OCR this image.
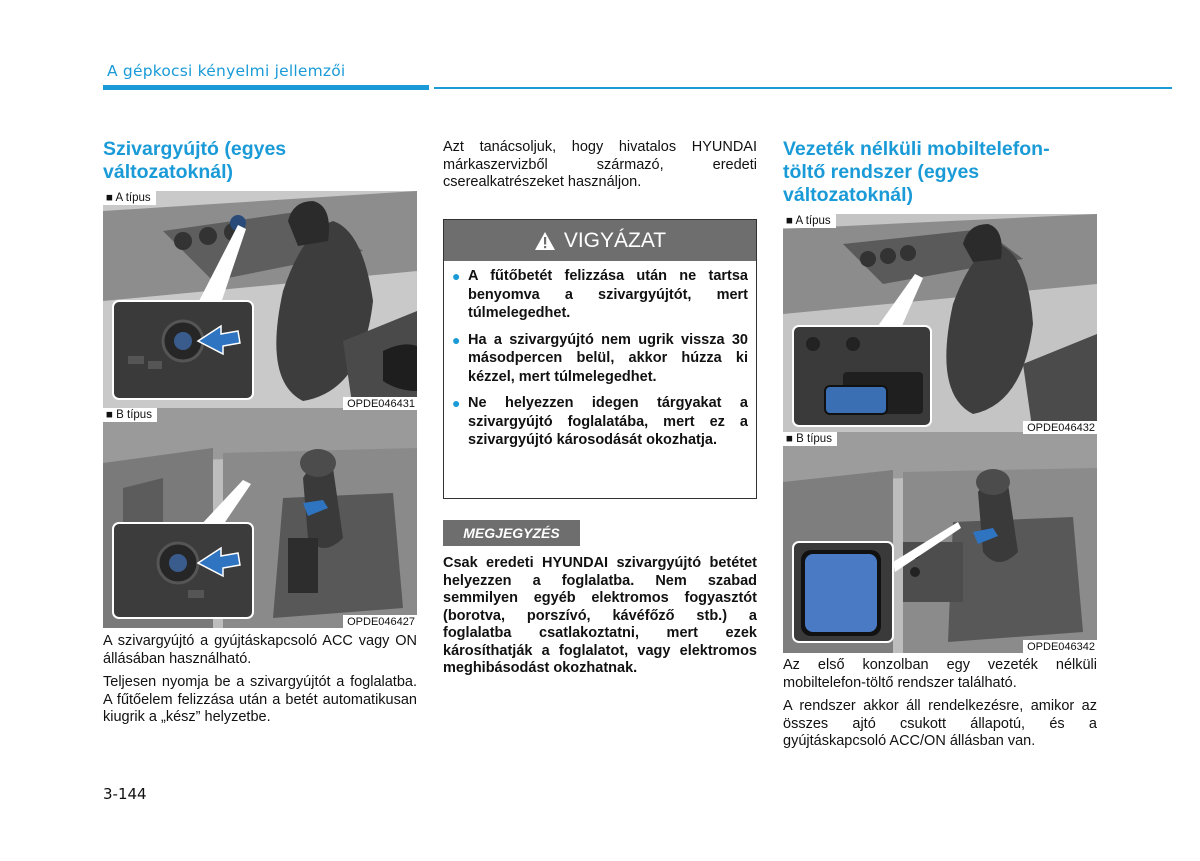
A gépkocsi kényelmi jellemzői
Szivargyújtó (egyes változatoknál)
■ A típus
OPDE046431
■ B típus
OPDE046427
A szivargyújtó a gyújtáskapcsoló ACC vagy ON állásában használható.
Teljesen nyomja be a szivargyújtót a foglalatba. A fűtőelem felizzása után a betét automatikusan kiugrik a „kész” helyzetbe.
Azt tanácsoljuk, hogy hivatalos HYUNDAI márkaszervizből származó, eredeti cserealkatrészeket használjon.
VIGYÁZAT
● A fűtőbetét felizzása után ne tartsa benyomva a szivargyújtót, mert túlmelegedhet.
● Ha a szivargyújtó nem ugrik vissza 30 másodpercen belül, akkor húzza ki kézzel, mert túlmelegedhet.
● Ne helyezzen idegen tárgyakat a szivargyújtó foglalatába, mert ez a szivargyújtó károsodását okozhatja.
MEGJEGYZÉS
Csak eredeti HYUNDAI szivargyújtó betétet helyezzen a foglalatba. Nem szabad semmilyen egyéb elektromos fogyasztót (borotva, porszívó, kávéfőző stb.) a foglalatba csatlakoztatni, mert ezek károsíthatják a foglalatot, vagy elektromos meghibásodást okozhatnak.
Vezeték nélküli mobiltelefon-töltő rendszer (egyes változatoknál)
■ A típus
OPDE046432
■ B típus
OPDE046342
Az első konzolban egy vezeték nélküli mobiltelefon-töltő rendszer található.
A rendszer akkor áll rendelkezésre, amikor az összes ajtó csukott állapotú, és a gyújtáskapcsoló ACC/ON állásban van.
3-144
